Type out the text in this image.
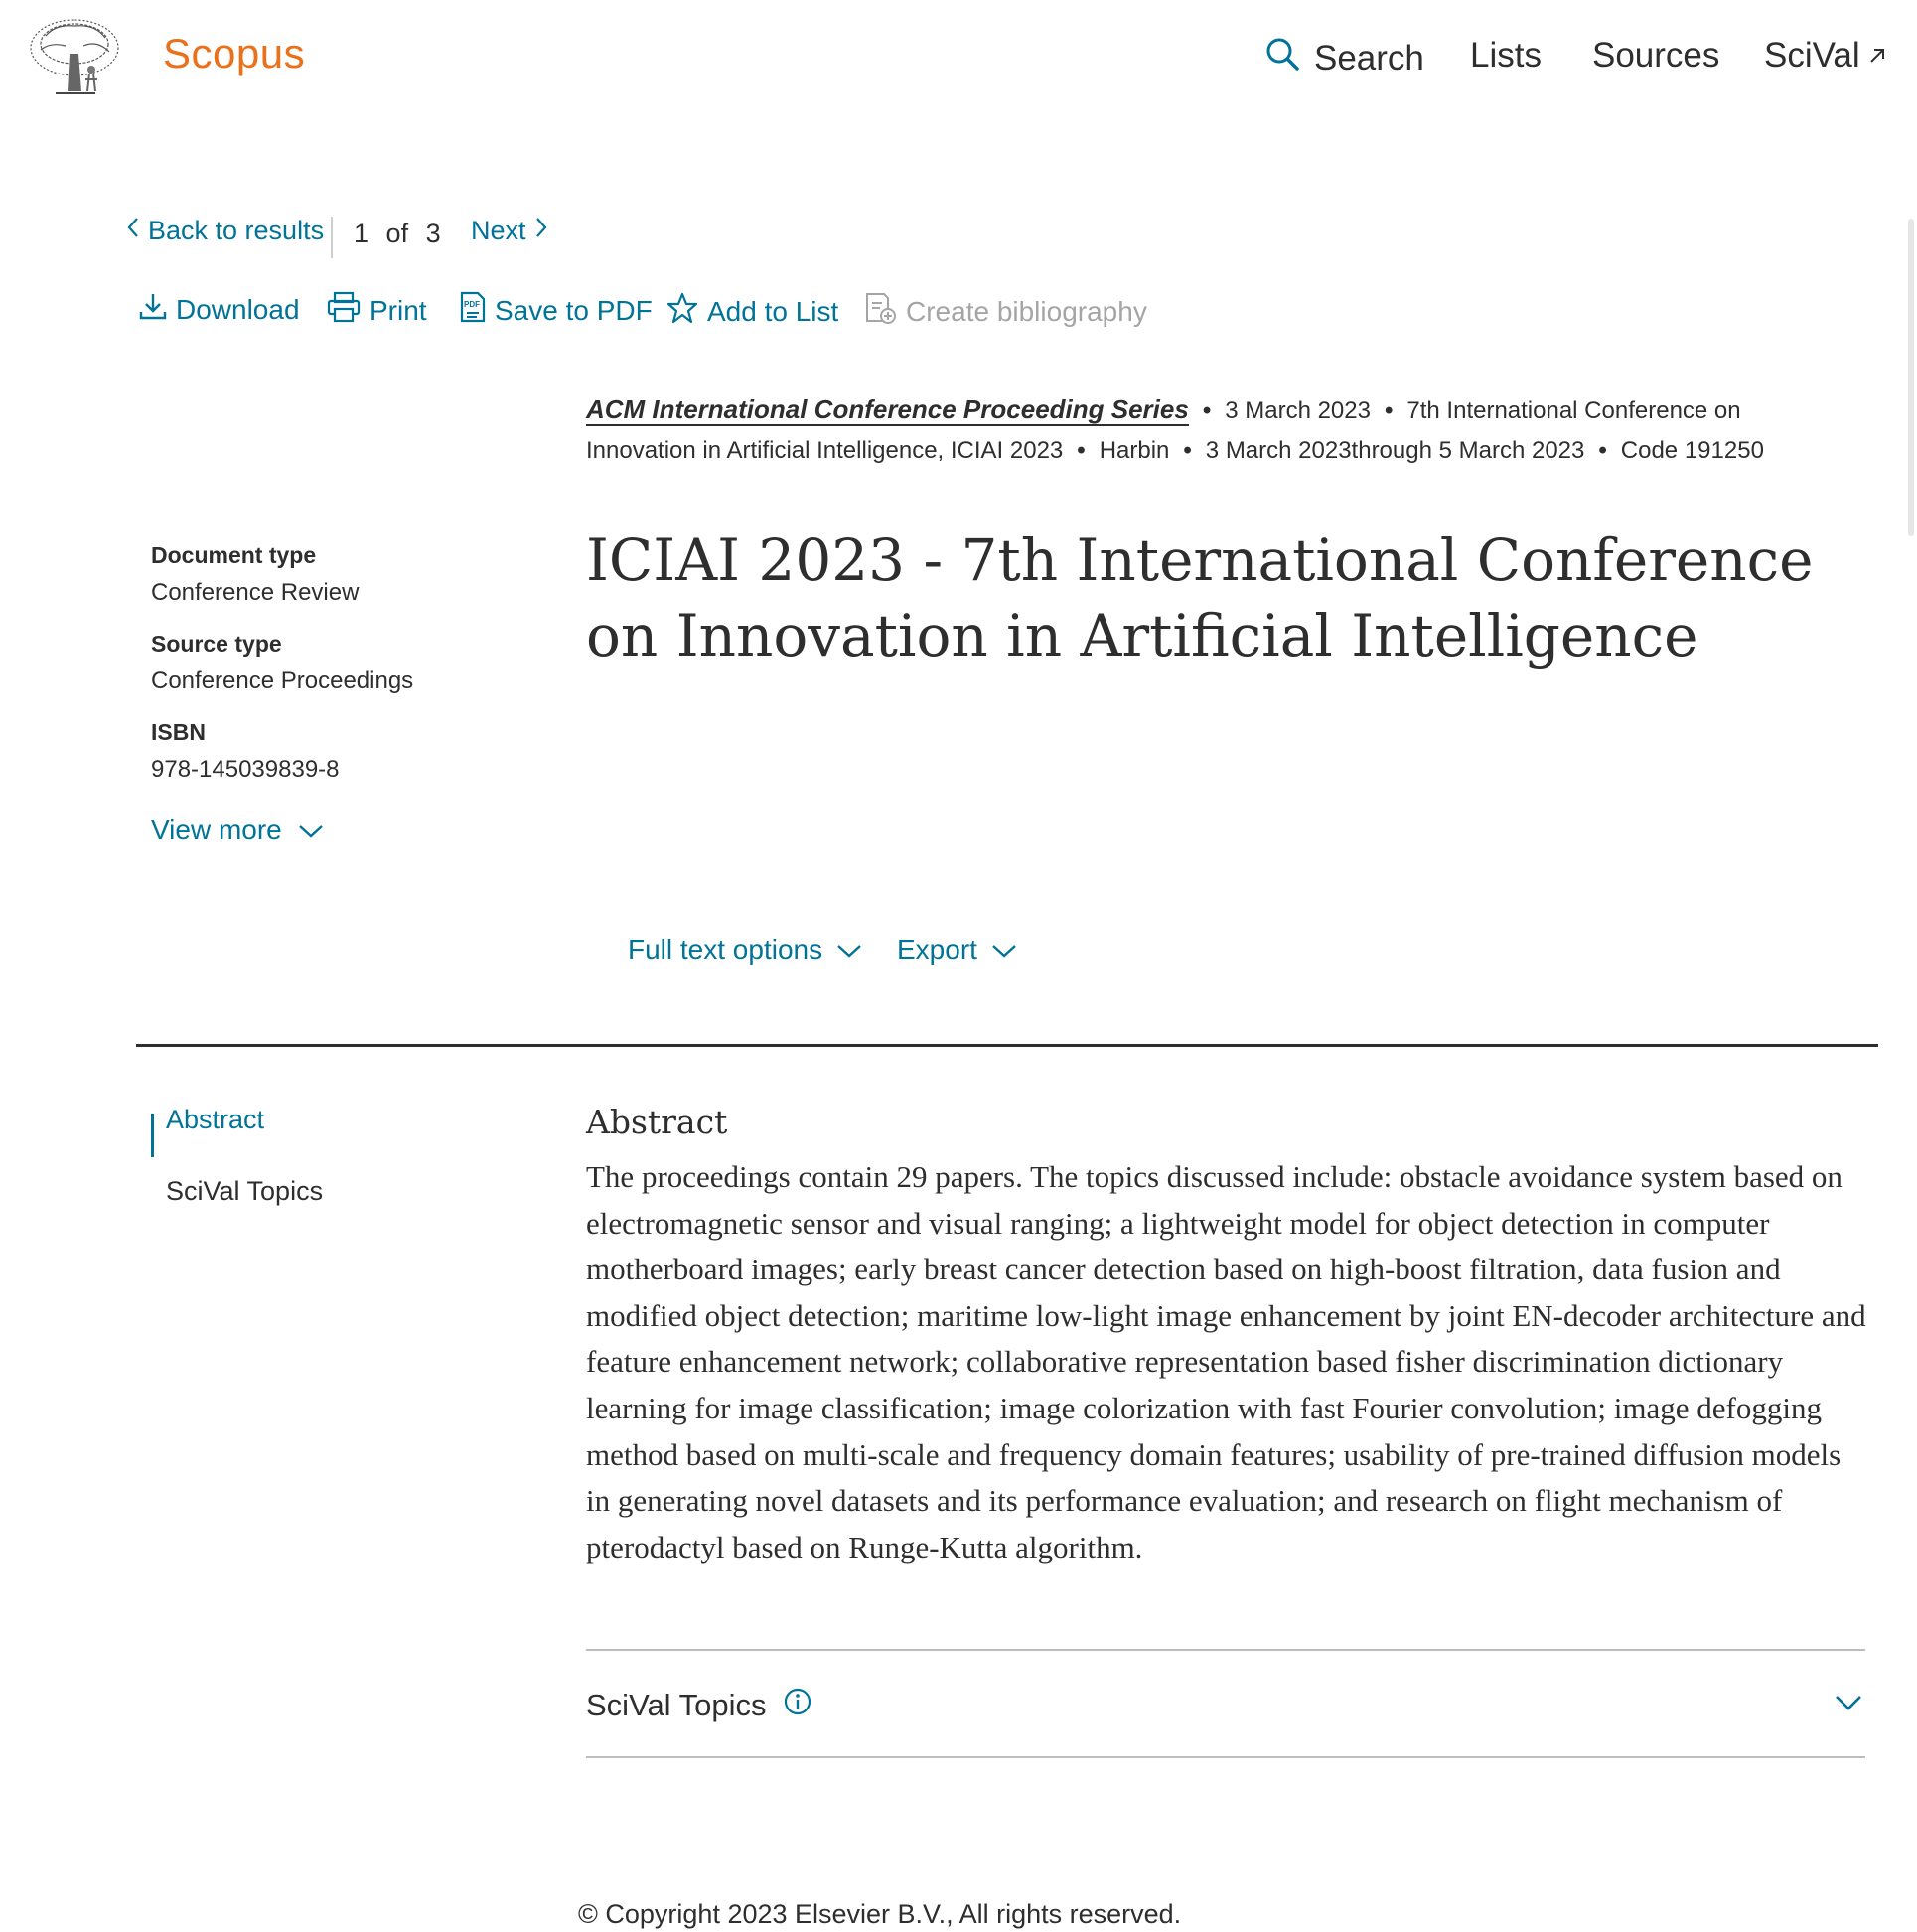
Scopus	Search Lists Sources SciVal
Back to results 1 of 3 Next
Download	Print	PDF Save to PDF Add to List Create bibliography
ACM International Conference Proceeding Series • 3 March 2023 • 7th International Conference on Innovation in Artificial Intelligence, ICIAI 2023 • Harbin • 3 March 2023through 5 March 2023 • Code 191250
ICIAI 2023 - 7th International Conference on Innovation in Artificial Intelligence
Document type
Conference Review
Source type
Conference Proceedings
ISBN
978-145039839-8
View more
Full text options	Export
Abstract
SciVal Topics
Abstract
The proceedings contain 29 papers. The topics discussed include: obstacle avoidance system based on electromagnetic sensor and visual ranging; a lightweight model for object detection in computer motherboard images; early breast cancer detection based on high-boost filtration, data fusion and modified object detection; maritime low-light image enhancement by joint EN-decoder architecture and feature enhancement network; collaborative representation based fisher discrimination dictionary learning for image classification; image colorization with fast Fourier convolution; image defogging method based on multi-scale and frequency domain features; usability of pre-trained diffusion models in generating novel datasets and its performance evaluation; and research on flight mechanism of pterodactyl based on Runge-Kutta algorithm.
SciVal Topics
© Copyright 2023 Elsevier B.V., All rights reserved.
